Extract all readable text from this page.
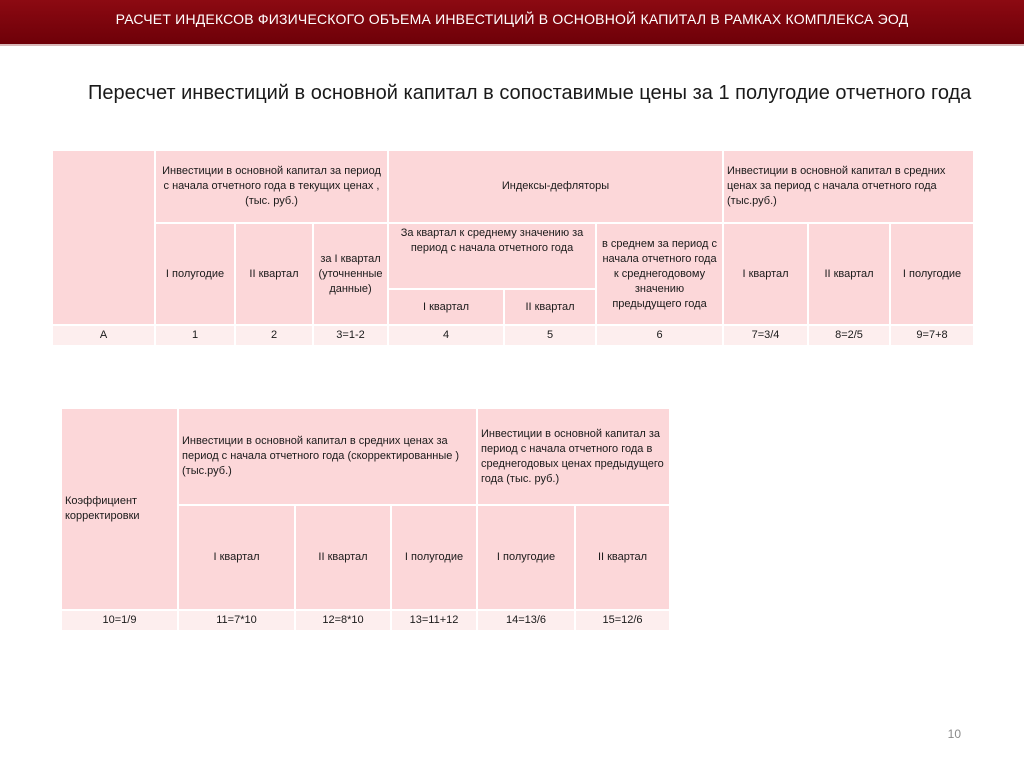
РАСЧЕТ ИНДЕКСОВ ФИЗИЧЕСКОГО ОБЪЕМА ИНВЕСТИЦИЙ В ОСНОВНОЙ КАПИТАЛ В РАМКАХ КОМПЛЕКСА ЭОД
Пересчет инвестиций в основной капитал в сопоставимые цены за 1 полугодие отчетного года
	Инвестиции в основной капитал за период с начала отчетного года в текущих ценах , (тыс. руб.)			Индексы-дефляторы			Инвестиции в основной капитал в средних ценах за период с начала отчетного года (тыс.руб.)		
	I полугодие	II квартал	за I квартал (уточненные данные)	За квартал к среднему значению за период с начала отчетного года		в среднем за период с начала отчетного года к среднегодовому значению предыдущего года	I квартал	II квартал	I полугодие
				I квартал	II квартал				
А	1	2	3=1-2	4	5	6	7=3/4	8=2/5	9=7+8
Коэффициент корректировки	Инвестиции в основной капитал в средних ценах за период с начала отчетного года (скорректированные )(тыс.руб.)			Инвестиции в основной капитал за период с начала отчетного года в среднегодовых ценах предыдущего года (тыс. руб.)	
	I квартал	II квартал	I полугодие	I полугодие	II квартал
10=1/9	11=7*10	12=8*10	13=11+12	14=13/6	15=12/6
10
